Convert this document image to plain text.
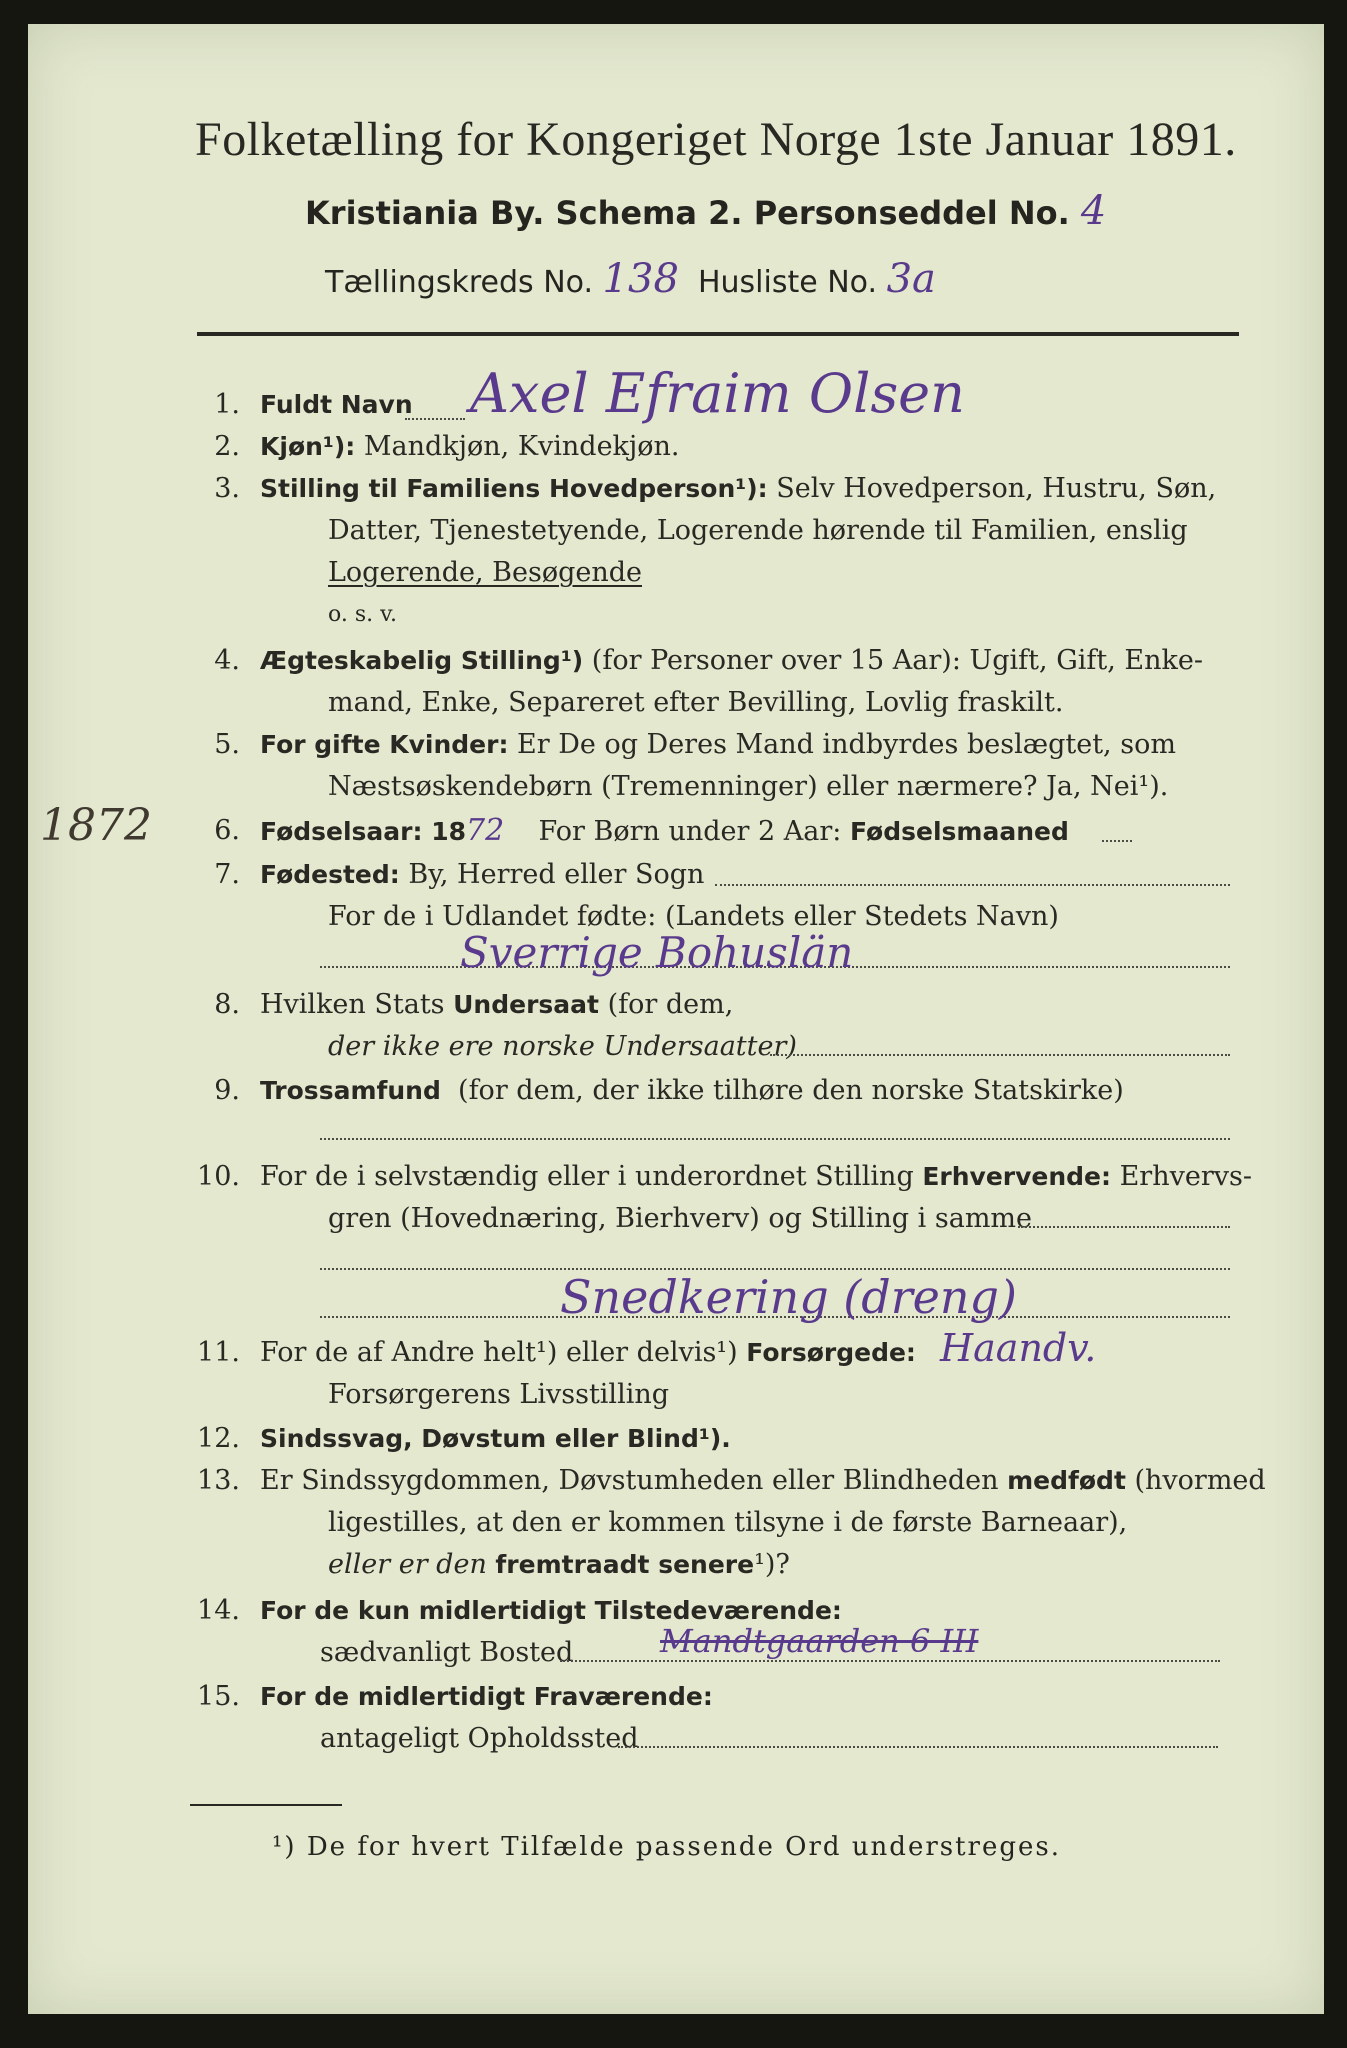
Folketælling for Kongeriget Norge 1ste Januar 1891.
Kristiania By. Schema 2. Personseddel No. 4
Tællingskreds No. 138 Husliste No. 3a
1872
1. Fuldt Navn Axel Efraim Olsen
2. Kjøn¹): Mandkjøn, Kvindekjøn.
3. Stilling til Familiens Hovedperson¹): Selv Hovedperson, Hustru, Søn,
Datter, Tjenestetyende, Logerende hørende til Familien, enslig
Logerende, Besøgende
o. s. v.
4. Ægteskabelig Stilling¹) (for Personer over 15 Aar): Ugift, Gift, Enke-
mand, Enke, Separeret efter Bevilling, Lovlig fraskilt.
5. For gifte Kvinder: Er De og Deres Mand indbyrdes beslægtet, som
Næstsøskendebørn (Tremenninger) eller nærmere? Ja, Nei¹).
6. Fødselsaar: 1872 For Børn under 2 Aar: Fødselsmaaned
7. Fødested: By, Herred eller Sogn
For de i Udlandet fødte: (Landets eller Stedets Navn)
Sverrige Bohuslän
8. Hvilken Stats Undersaat (for dem,
der ikke ere norske Undersaatter)
9. Trossamfund (for dem, der ikke tilhøre den norske Statskirke)
10. For de i selvstændig eller i underordnet Stilling Erhvervende: Erhvervs-
gren (Hovednæring, Bierhverv) og Stilling i samme
Snedkering (dreng)
11. For de af Andre helt¹) eller delvis¹) Forsørgede: Haandv.
Forsørgerens Livsstilling
12. Sindssvag, Døvstum eller Blind¹).
13. Er Sindssygdommen, Døvstumheden eller Blindheden medfødt (hvormed
ligestilles, at den er kommen tilsyne i de første Barneaar),
eller er den fremtraadt senere¹)?
14. For de kun midlertidigt Tilstedeværende:
sædvanligt Bosted	Mandtgaarden 6 III
15. For de midlertidigt Fraværende:
antageligt Opholdssted
¹) De for hvert Tilfælde passende Ord understreges.
